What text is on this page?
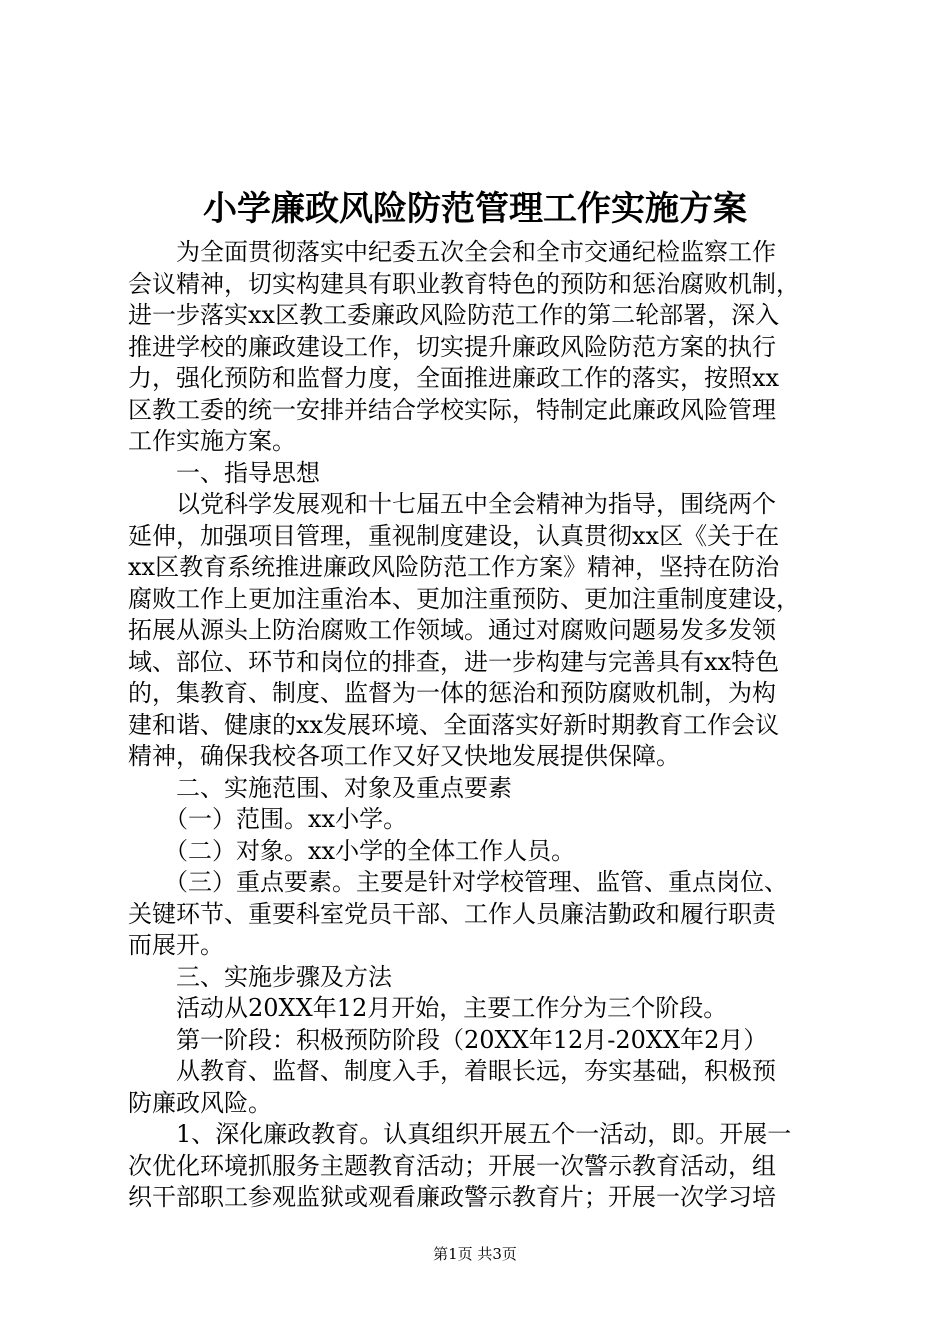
小学廉政风险防范管理工作实施方案
　　为全面贯彻落实中纪委五次全会和全市交通纪检监察工作
会议精神，切实构建具有职业教育特色的预防和惩治腐败机制，
进一步落实xx区教工委廉政风险防范工作的第二轮部署，深入
推进学校的廉政建设工作，切实提升廉政风险防范方案的执行
力，强化预防和监督力度，全面推进廉政工作的落实，按照xx
区教工委的统一安排并结合学校实际，特制定此廉政风险管理
工作实施方案。
　　一、指导思想
　　以党科学发展观和十七届五中全会精神为指导，围绕两个
延伸，加强项目管理，重视制度建设，认真贯彻xx区《关于在
xx区教育系统推进廉政风险防范工作方案》精神，坚持在防治
腐败工作上更加注重治本、更加注重预防、更加注重制度建设，
拓展从源头上防治腐败工作领域。通过对腐败问题易发多发领
域、部位、环节和岗位的排查，进一步构建与完善具有xx特色
的，集教育、制度、监督为一体的惩治和预防腐败机制，为构
建和谐、健康的xx发展环境、全面落实好新时期教育工作会议
精神，确保我校各项工作又好又快地发展提供保障。
　　二、实施范围、对象及重点要素
　　（一）范围。xx小学。
　　（二）对象。xx小学的全体工作人员。
　　（三）重点要素。主要是针对学校管理、监管、重点岗位、
关键环节、重要科室党员干部、工作人员廉洁勤政和履行职责
而展开。
　　三、实施步骤及方法
　　活动从20XX年12月开始，主要工作分为三个阶段。
　　第一阶段：积极预防阶段（20XX年12月-20XX年2月）
　　从教育、监督、制度入手，着眼长远，夯实基础，积极预
防廉政风险。
　　1、深化廉政教育。认真组织开展五个一活动，即。开展一
次优化环境抓服务主题教育活动；开展一次警示教育活动，组
织干部职工参观监狱或观看廉政警示教育片；开展一次学习培
第1页 共3页
